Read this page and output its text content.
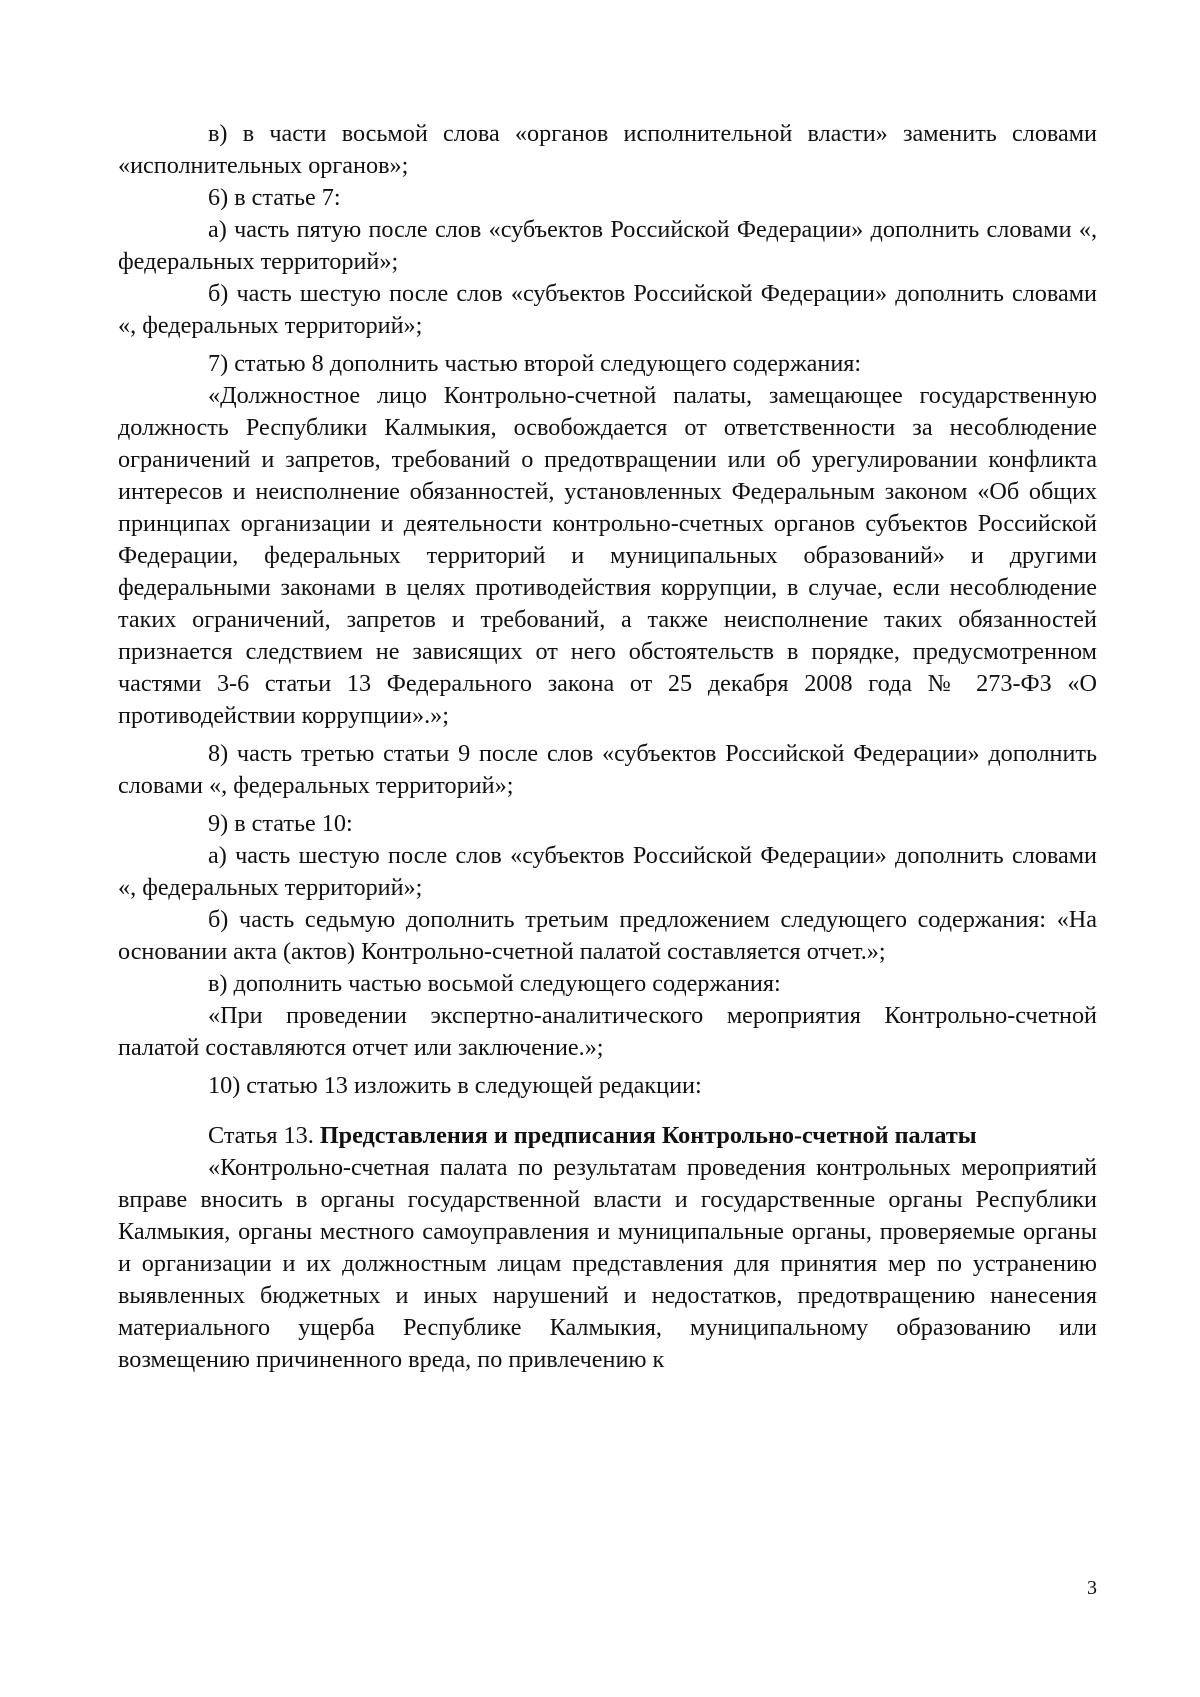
в) в части восьмой слова «органов исполнительной власти» заменить словами «исполнительных органов»;

6) в статье 7:

а) часть пятую после слов «субъектов Российской Федерации» дополнить словами «, федеральных территорий»;

б) часть шестую после слов «субъектов Российской Федерации» дополнить словами «, федеральных территорий»;

7) статью 8 дополнить частью второй следующего содержания:

«Должностное лицо Контрольно-счетной палаты, замещающее государственную должность Республики Калмыкия, освобождается от ответственности за несоблюдение ограничений и запретов, требований о предотвращении или об урегулировании конфликта интересов и неисполнение обязанностей, установленных Федеральным законом «Об общих принципах организации и деятельности контрольно-счетных органов субъектов Российской Федерации, федеральных территорий и муниципальных образований» и другими федеральными законами в целях противодействия коррупции, в случае, если несоблюдение таких ограничений, запретов и требований, а также неисполнение таких обязанностей признается следствием не зависящих от него обстоятельств в порядке, предусмотренном частями 3-6 статьи 13 Федерального закона от 25 декабря 2008 года № 273-ФЗ «О противодействии коррупции».»;

8) часть третью статьи 9 после слов «субъектов Российской Федерации» дополнить словами «, федеральных территорий»;

9) в статье 10:

а) часть шестую после слов «субъектов Российской Федерации» дополнить словами «, федеральных территорий»;

б) часть седьмую дополнить третьим предложением следующего содержания: «На основании акта (актов) Контрольно-счетной палатой составляется отчет.»;

в) дополнить частью восьмой следующего содержания:

«При проведении экспертно-аналитического мероприятия Контрольно-счетной палатой составляются отчет или заключение.»;

10) статью 13 изложить в следующей редакции:

Статья 13. Представления и предписания Контрольно-счетной палаты

«Контрольно-счетная палата по результатам проведения контрольных мероприятий вправе вносить в органы государственной власти и государственные органы Республики Калмыкия, органы местного самоуправления и муниципальные органы, проверяемые органы и организации и их должностным лицам представления для принятия мер по устранению выявленных бюджетных и иных нарушений и недостатков, предотвращению нанесения материального ущерба Республике Калмыкия, муниципальному образованию или возмещению причиненного вреда, по привлечению к

3
